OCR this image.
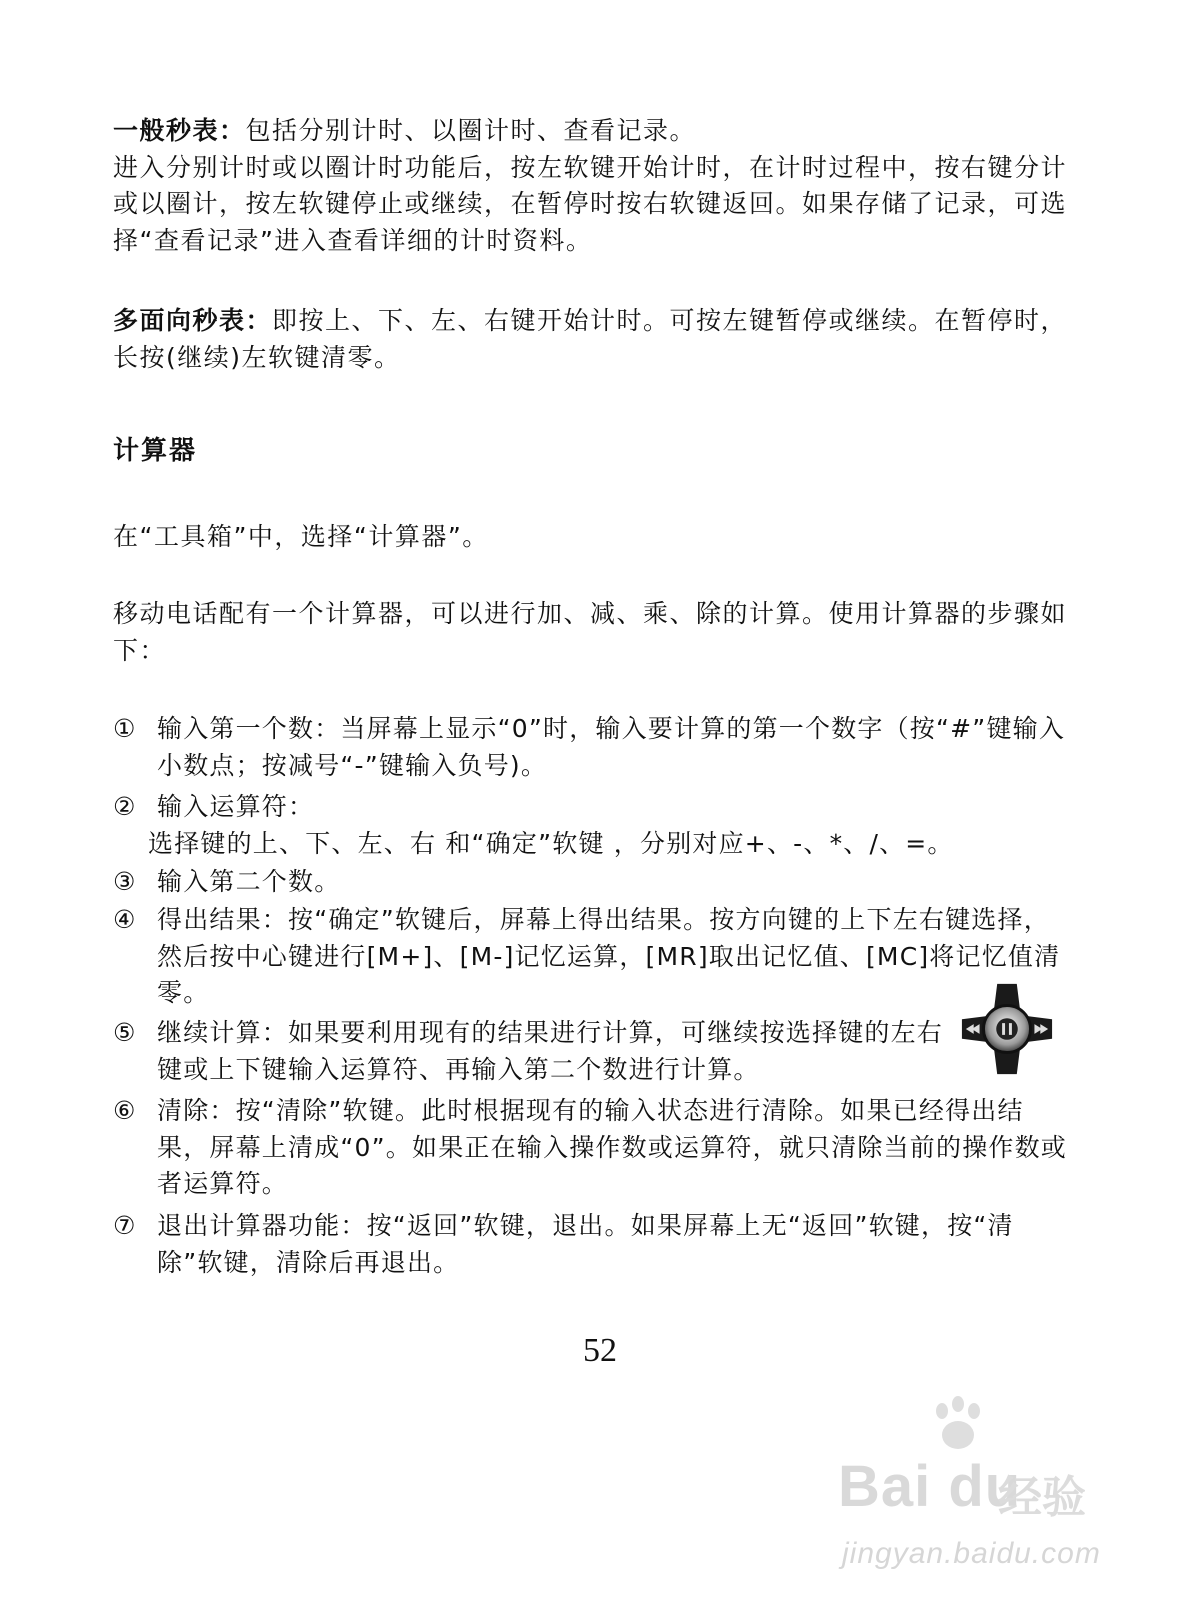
一般秒表：包括分别计时、以圈计时、查看记录。
进入分别计时或以圈计时功能后，按左软键开始计时，在计时过程中，按右键分计或以圈计，按左软键停止或继续，在暂停时按右软键返回。如果存储了记录，可选择“查看记录”进入查看详细的计时资料。
多面向秒表：即按上、下、左、右键开始计时。可按左键暂停或继续。在暂停时，长按(继续)左软键清零。
计算器
在“工具箱”中，选择“计算器”。
移动电话配有一个计算器，可以进行加、减、乘、除的计算。使用计算器的步骤如下：
① 输入第一个数：当屏幕上显示“0”时，输入要计算的第一个数字（按“#”键输入小数点；按减号“-”键输入负号)。
② 输入运算符：
选择键的上、下、左、右 和“确定”软键 ，分别对应+、-、*、/、=。
③ 输入第二个数。
④ 得出结果：按“确定”软键后，屏幕上得出结果。按方向键的上下左右键选择，然后按中心键进行[M+]、[M-]记忆运算，[MR]取出记忆值、[MC]将记忆值清零。
⑤ 继续计算：如果要利用现有的结果进行计算，可继续按选择键的左右键或上下键输入运算符、再输入第二个数进行计算。
⑥ 清除：按“清除”软键。此时根据现有的输入状态进行清除。如果已经得出结果，屏幕上清成“0”。如果正在输入操作数或运算符，就只清除当前的操作数或者运算符。
⑦ 退出计算器功能：按“返回”软键，退出。如果屏幕上无“返回”软键，按“清除”软键，清除后再退出。
52
Bai du
经验
jingyan.baidu.com
